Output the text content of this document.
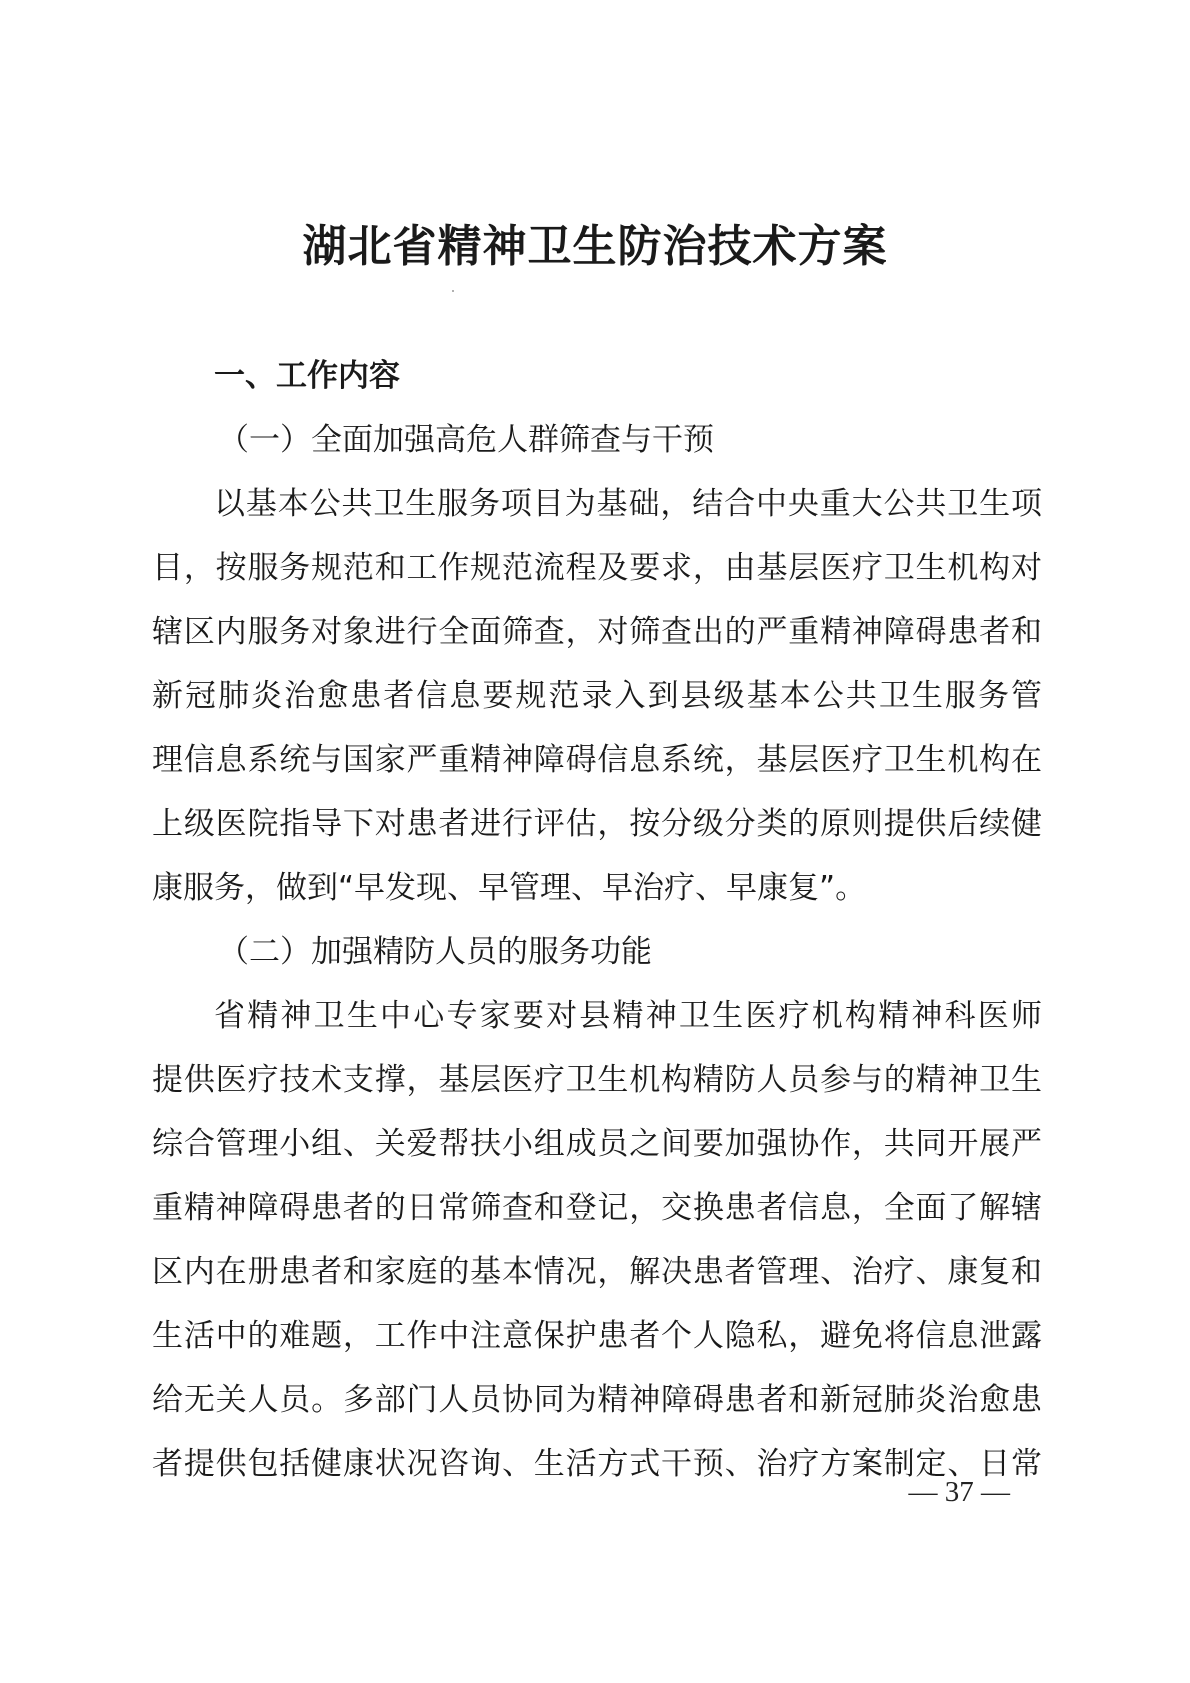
湖北省精神卫生防治技术方案
一、工作内容
（一）全面加强高危人群筛查与干预
以基本公共卫生服务项目为基础，结合中央重大公共卫生项
目，按服务规范和工作规范流程及要求，由基层医疗卫生机构对
辖区内服务对象进行全面筛查，对筛查出的严重精神障碍患者和
新冠肺炎治愈患者信息要规范录入到县级基本公共卫生服务管
理信息系统与国家严重精神障碍信息系统，基层医疗卫生机构在
上级医院指导下对患者进行评估，按分级分类的原则提供后续健
康服务，做到“早发现、早管理、早治疗、早康复”。
（二）加强精防人员的服务功能
省精神卫生中心专家要对县精神卫生医疗机构精神科医师
提供医疗技术支撑，基层医疗卫生机构精防人员参与的精神卫生
综合管理小组、关爱帮扶小组成员之间要加强协作，共同开展严
重精神障碍患者的日常筛查和登记，交换患者信息，全面了解辖
区内在册患者和家庭的基本情况，解决患者管理、治疗、康复和
生活中的难题，工作中注意保护患者个人隐私，避免将信息泄露
给无关人员。多部门人员协同为精神障碍患者和新冠肺炎治愈患
者提供包括健康状况咨询、生活方式干预、治疗方案制定、日常
— 37 —
